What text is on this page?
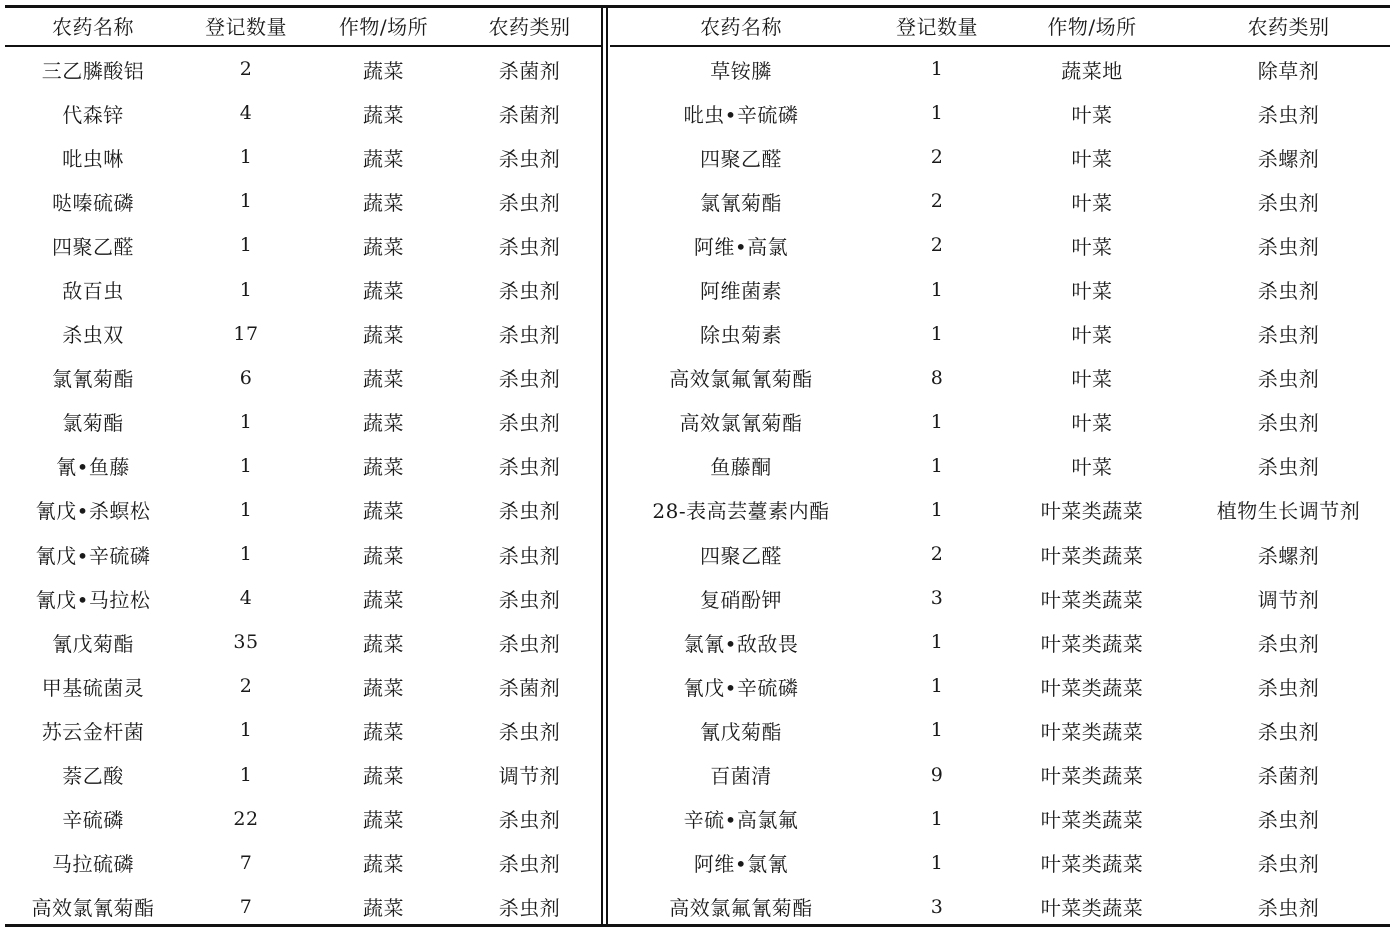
农药名称	登记数量	作物/场所	农药类别
三乙膦酸铝	2	蔬菜	杀菌剂
代森锌	4	蔬菜	杀菌剂
吡虫啉	1	蔬菜	杀虫剂
哒嗪硫磷	1	蔬菜	杀虫剂
四聚乙醛	1	蔬菜	杀虫剂
敌百虫	1	蔬菜	杀虫剂
杀虫双	17	蔬菜	杀虫剂
氯氰菊酯	6	蔬菜	杀虫剂
氯菊酯	1	蔬菜	杀虫剂
氰•鱼藤	1	蔬菜	杀虫剂
氰戊•杀螟松	1	蔬菜	杀虫剂
氰戊•辛硫磷	1	蔬菜	杀虫剂
氰戊•马拉松	4	蔬菜	杀虫剂
氰戊菊酯	35	蔬菜	杀虫剂
甲基硫菌灵	2	蔬菜	杀菌剂
苏云金杆菌	1	蔬菜	杀虫剂
萘乙酸	1	蔬菜	调节剂
辛硫磷	22	蔬菜	杀虫剂
马拉硫磷	7	蔬菜	杀虫剂
高效氯氰菊酯	7	蔬菜	杀虫剂
农药名称	登记数量	作物/场所	农药类别
草铵膦	1	蔬菜地	除草剂
吡虫•辛硫磷	1	叶菜	杀虫剂
四聚乙醛	2	叶菜	杀螺剂
氯氰菊酯	2	叶菜	杀虫剂
阿维•高氯	2	叶菜	杀虫剂
阿维菌素	1	叶菜	杀虫剂
除虫菊素	1	叶菜	杀虫剂
高效氯氟氰菊酯	8	叶菜	杀虫剂
高效氯氰菊酯	1	叶菜	杀虫剂
鱼藤酮	1	叶菜	杀虫剂
28-表高芸薹素内酯	1	叶菜类蔬菜	植物生长调节剂
四聚乙醛	2	叶菜类蔬菜	杀螺剂
复硝酚钾	3	叶菜类蔬菜	调节剂
氯氰•敌敌畏	1	叶菜类蔬菜	杀虫剂
氰戊•辛硫磷	1	叶菜类蔬菜	杀虫剂
氰戊菊酯	1	叶菜类蔬菜	杀虫剂
百菌清	9	叶菜类蔬菜	杀菌剂
辛硫•高氯氟	1	叶菜类蔬菜	杀虫剂
阿维•氯氰	1	叶菜类蔬菜	杀虫剂
高效氯氟氰菊酯	3	叶菜类蔬菜	杀虫剂
